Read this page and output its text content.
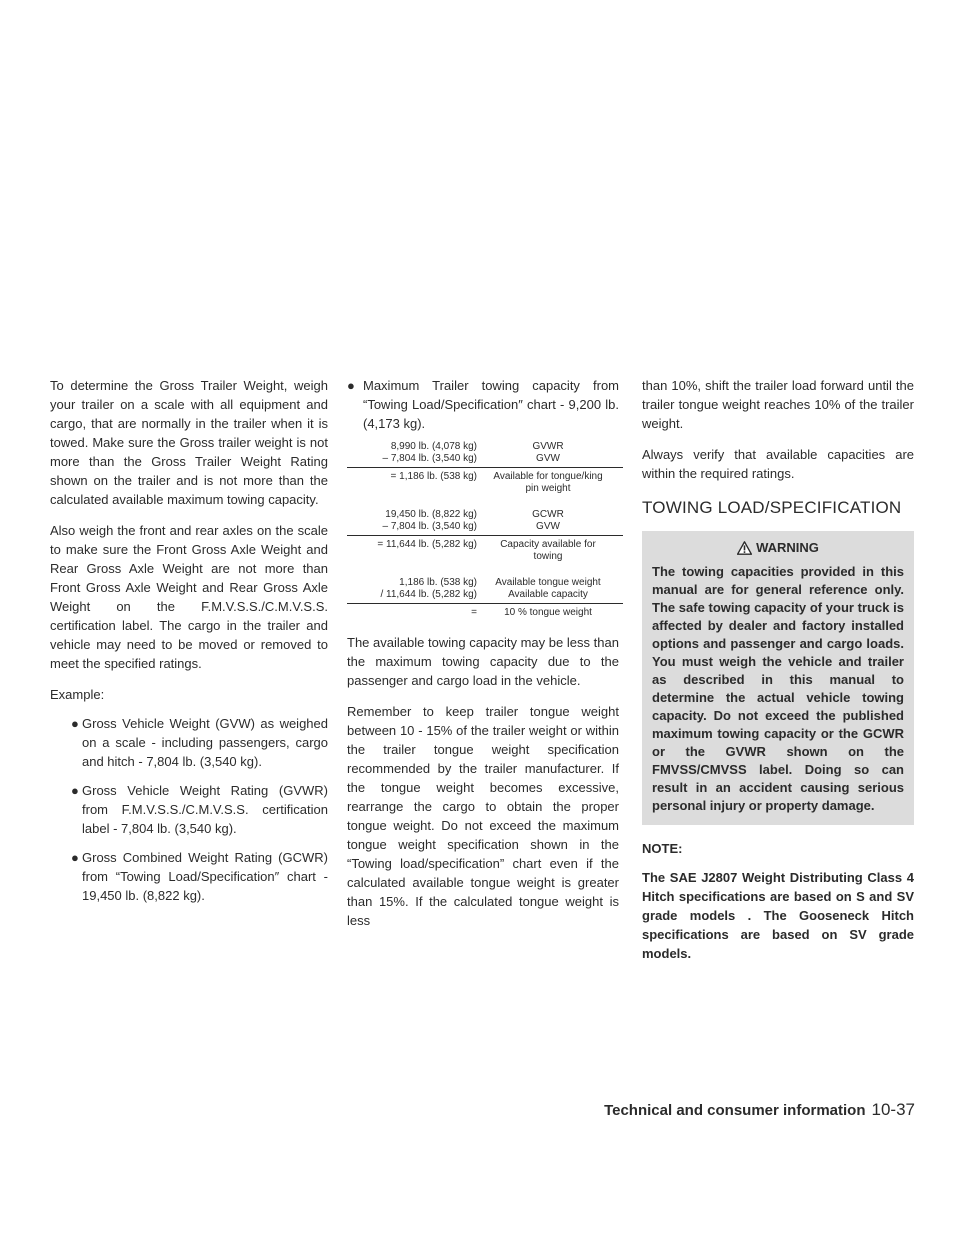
To determine the Gross Trailer Weight, weigh your trailer on a scale with all equipment and cargo, that are normally in the trailer when it is towed. Make sure the Gross trailer weight is not more than the Gross Trailer Weight Rating shown on the trailer and is not more than the calculated available maximum towing capacity.

Also weigh the front and rear axles on the scale to make sure the Front Gross Axle Weight and Rear Gross Axle Weight are not more than Front Gross Axle Weight and Rear Gross Axle Weight on the F.M.V.S.S./C.M.V.S.S. certification label. The cargo in the trailer and vehicle may need to be moved or removed to meet the specified ratings.

Example:

● Gross Vehicle Weight (GVW) as weighed on a scale - including passengers, cargo and hitch - 7,804 lb. (3,540 kg).
● Gross Vehicle Weight Rating (GVWR) from F.M.V.S.S./C.M.V.S.S. certification label - 7,804 lb. (3,540 kg).
● Gross Combined Weight Rating (GCWR) from “Towing Load/Specification″ chart - 19,450 lb. (8,822 kg).
● Maximum Trailer towing capacity from “Towing Load/Specification″ chart - 9,200 lb. (4,173 kg).
8,990 lb. (4,078 kg)	GVWR
– 7,804 lb. (3,540 kg)	GVW
= 1,186 lb. (538 kg)	Available for tongue/king pin weight
19,450 lb. (8,822 kg)	GCWR
– 7,804 lb. (3,540 kg)	GVW
= 11,644 lb. (5,282 kg)	Capacity available for towing
1,186 lb. (538 kg)	Available tongue weight
/ 11,644 lb. (5,282 kg)	Available capacity
=	10 % tongue weight

The available towing capacity may be less than the maximum towing capacity due to the passenger and cargo load in the vehicle.

Remember to keep trailer tongue weight between 10 - 15% of the trailer weight or within the trailer tongue weight specification recommended by the trailer manufacturer. If the tongue weight becomes excessive, rearrange the cargo to obtain the proper tongue weight. Do not exceed the maximum tongue weight specification shown in the “Towing load/specification” chart even if the calculated available tongue weight is greater than 15%. If the calculated tongue weight is less

than 10%, shift the trailer load forward until the trailer tongue weight reaches 10% of the trailer weight.

Always verify that available capacities are within the required ratings.

TOWING LOAD/SPECIFICATION
WARNING
The towing capacities provided in this manual are for general reference only. The safe towing capacity of your truck is affected by dealer and factory installed options and passenger and cargo loads. You must weigh the vehicle and trailer as described in this manual to determine the actual vehicle towing capacity. Do not exceed the published maximum towing capacity or the GCWR or the GVWR shown on the FMVSS/CMVSS label. Doing so can result in an accident causing serious personal injury or property damage.
NOTE:
The SAE J2807 Weight Distributing Class 4 Hitch specifications are based on S and SV grade models . The Gooseneck Hitch specifications are based on SV grade models.
Technical and consumer information 10-37
